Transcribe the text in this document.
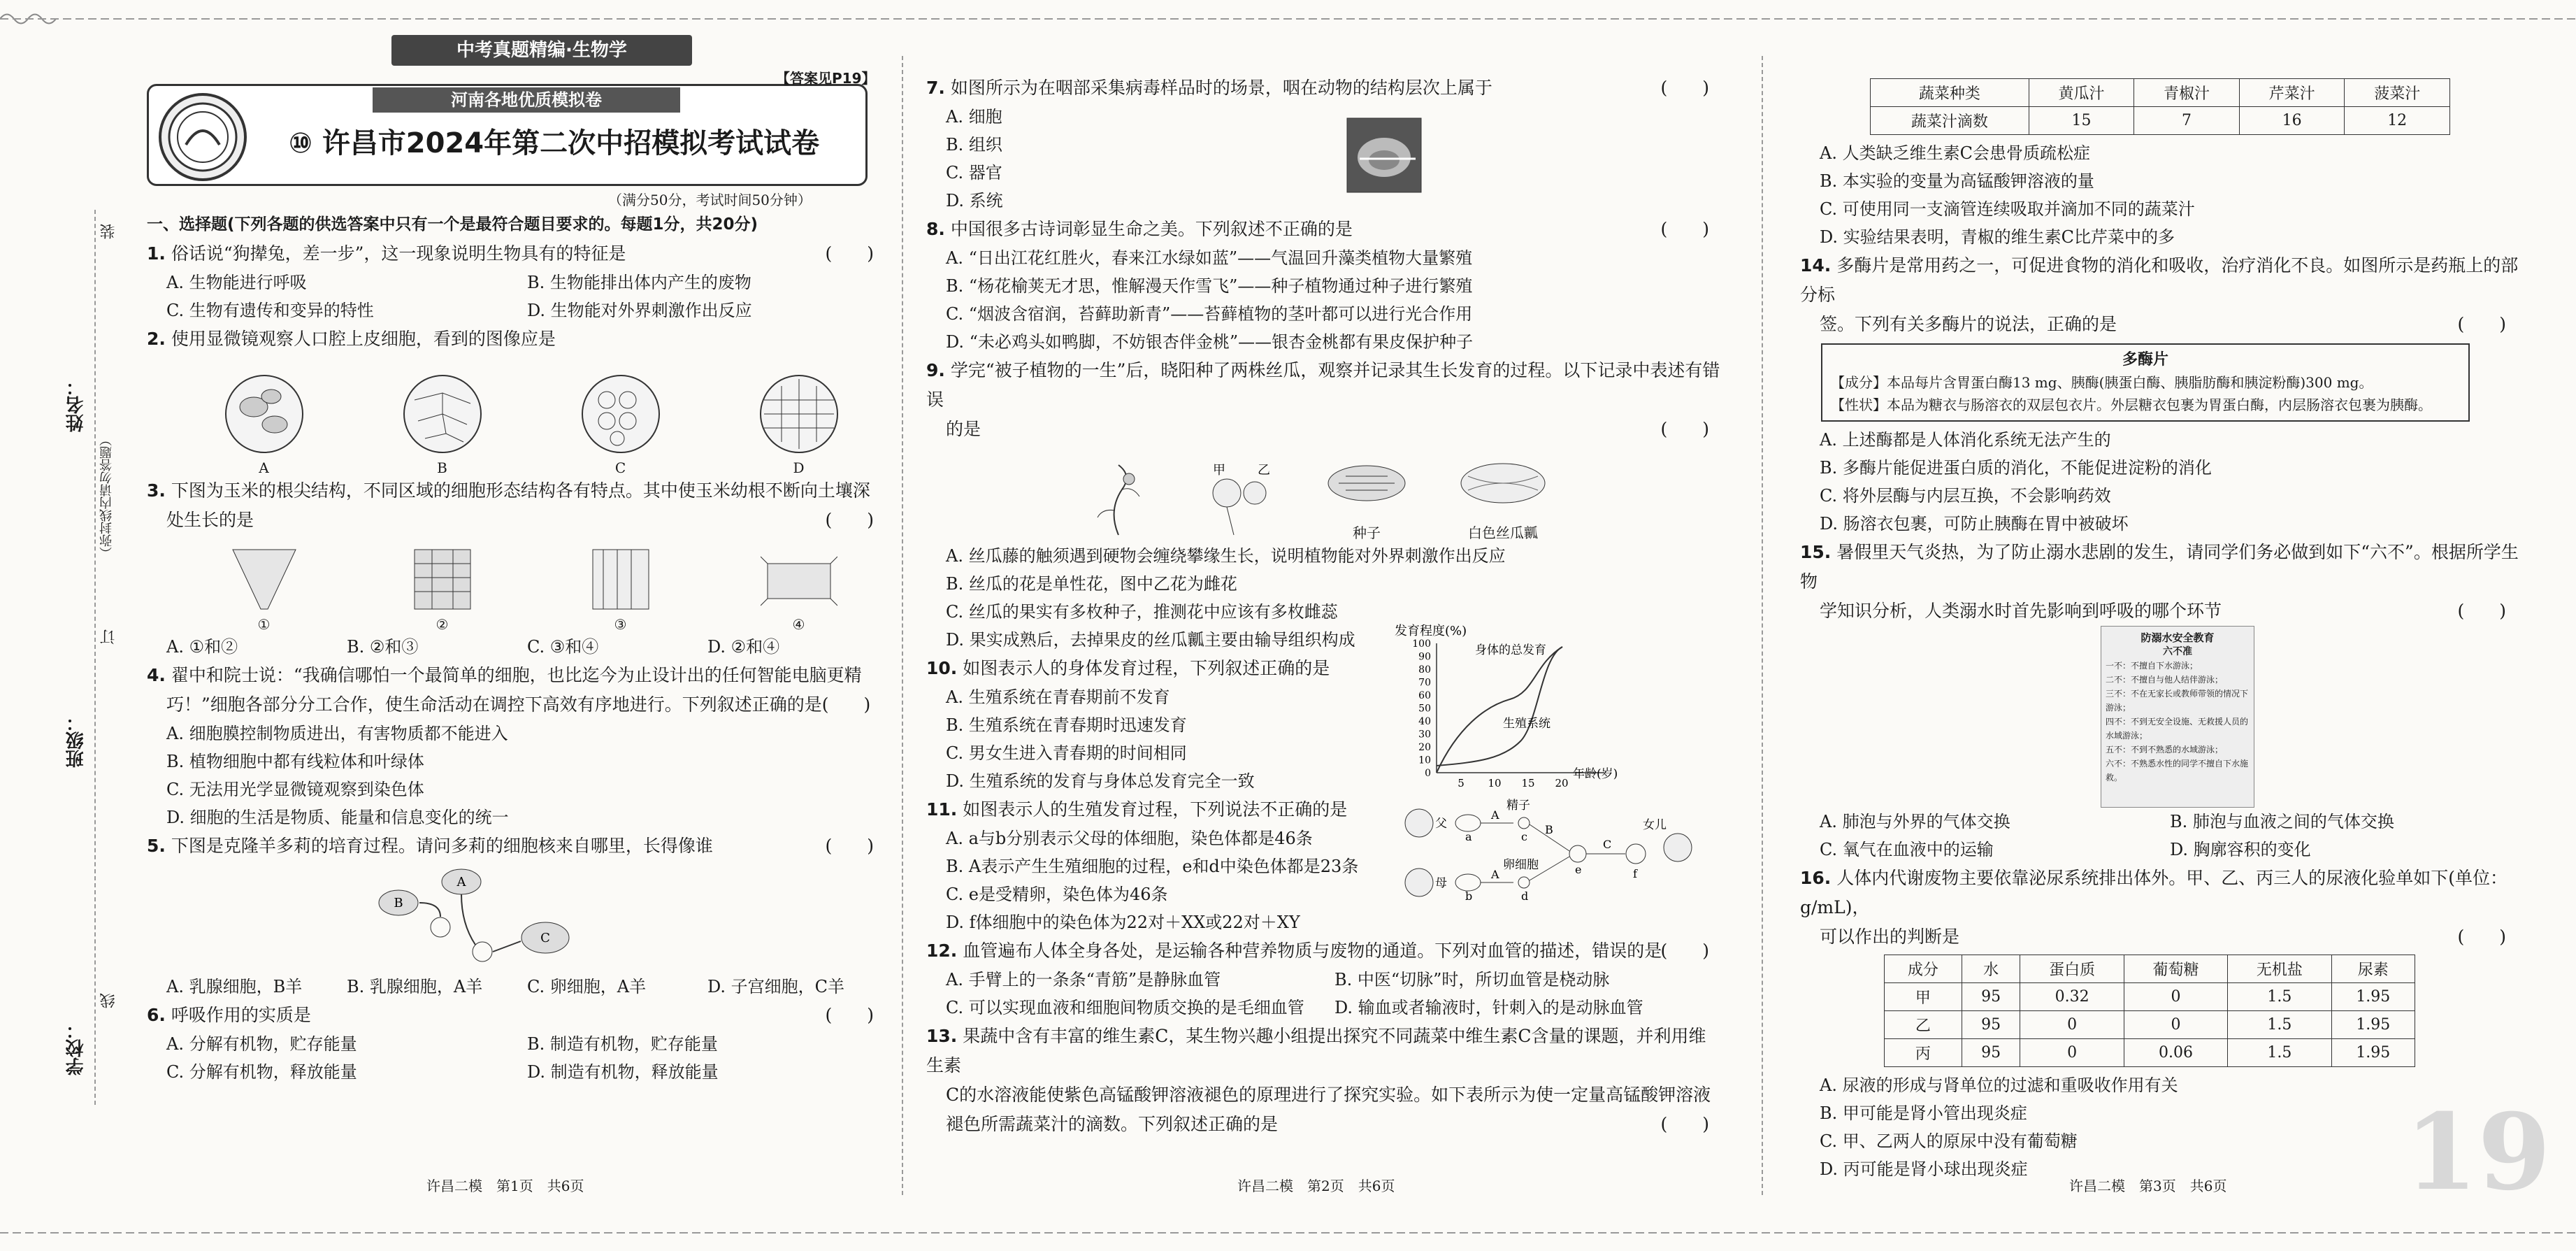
中考真题精编·生物学
河南各地优质模拟卷
⑩ 许昌市2024年第二次中招模拟考试试卷
【答案见P19】
（满分50分，考试时间50分钟）
姓名：
班级：
学校：
（弥封线内请勿答题）
装
订
线
一、选择题(下列各题的供选答案中只有一个是最符合题目要求的。每题1分，共20分)
1. 俗话说“狗撵兔，差一步”，这一现象说明生物具有的特征是	(　　)
A. 生物能进行呼吸	B. 生物能排出体内产生的废物
C. 生物有遗传和变异的特性	D. 生物能对外界刺激作出反应
2. 使用显微镜观察人口腔上皮细胞，看到的图像应是
A	B	C	D
3. 下图为玉米的根尖结构，不同区域的细胞形态结构各有特点。其中使玉米幼根不断向土壤深
处生长的是	(　　)
①	②	③	④
A. ①和②	B. ②和③	C. ③和④	D. ②和④
4. 翟中和院士说：“我确信哪怕一个最简单的细胞，也比迄今为止设计出的任何智能电脑更精
巧！”细胞各部分分工合作，使生命活动在调控下高效有序地进行。下列叙述正确的是(　　)
A. 细胞膜控制物质进出，有害物质都不能进入
B. 植物细胞中都有线粒体和叶绿体
C. 无法用光学显微镜观察到染色体
D. 细胞的生活是物质、能量和信息变化的统一
5. 下图是克隆羊多莉的培育过程。请问多莉的细胞核来自哪里，长得像谁	(　　)
A
B
C
A. 乳腺细胞，B羊	B. 乳腺细胞，A羊	C. 卵细胞，A羊	D. 子宫细胞，C羊
6. 呼吸作用的实质是	(　　)
A. 分解有机物，贮存能量	B. 制造有机物，贮存能量
C. 分解有机物，释放能量	D. 制造有机物，释放能量
7. 如图所示为在咽部采集病毒样品时的场景，咽在动物的结构层次上属于	(　　)
A. 细胞
B. 组织
C. 器官
D. 系统
8. 中国很多古诗词彰显生命之美。下列叙述不正确的是	(　　)
A. “日出江花红胜火，春来江水绿如蓝”——气温回升藻类植物大量繁殖
B. “杨花榆荚无才思，惟解漫天作雪飞”——种子植物通过种子进行繁殖
C. “烟波含宿润，苔藓助新青”——苔藓植物的茎叶都可以进行光合作用
D. “未必鸡头如鸭脚，不妨银杏伴金桃”——银杏金桃都有果皮保护种子
9. 学完“被子植物的一生”后，晓阳种了两株丝瓜，观察并记录其生长发育的过程。以下记录中表述有错误
的是	(　　)
甲	乙
种子	白色丝瓜瓤
A. 丝瓜藤的触须遇到硬物会缠绕攀缘生长，说明植物能对外界刺激作出反应
B. 丝瓜的花是单性花，图中乙花为雌花
C. 丝瓜的果实有多枚种子，推测花中应该有多枚雌蕊
D. 果实成熟后，去掉果皮的丝瓜瓤主要由输导组织构成
10. 如图表示人的身体发育过程，下列叙述正确的是
A. 生殖系统在青春期前不发育
B. 生殖系统在青春期时迅速发育
C. 男女生进入青春期的时间相同
D. 生殖系统的发育与身体总发育完全一致
发育程度(%)
100
90
80
70
60
50
40
30
20
10
0
5 10 15 20
身体的总发育
生殖系统
年龄(岁)
11. 如图表示人的生殖发育过程，下列说法不正确的是
A. a与b分别表示父母的体细胞，染色体都是46条
B. A表示产生生殖细胞的过程，e和d中染色体都是23条
C. e是受精卵，染色体为46条
D. f体细胞中的染色体为22对＋XX或22对＋XY
父
母
a
b
A
A
精子
卵细胞
c
d
B
e
C
f
女儿
12. 血管遍布人体全身各处，是运输各种营养物质与废物的通道。下列对血管的描述，错误的是
(　　)
A. 手臂上的一条条“青筋”是静脉血管	B. 中医“切脉”时，所切血管是桡动脉
C. 可以实现血液和细胞间物质交换的是毛细血管	D. 输血或者输液时，针刺入的是动脉血管
13. 果蔬中含有丰富的维生素C，某生物兴趣小组提出探究不同蔬菜中维生素C含量的课题，并利用维生素
C的水溶液能使紫色高锰酸钾溶液褪色的原理进行了探究实验。如下表所示为使一定量高锰酸钾溶液
褪色所需蔬菜汁的滴数。下列叙述正确的是	(　　)
蔬菜种类	黄瓜汁	青椒汁	芹菜汁	菠菜汁
蔬菜汁滴数	15	7	16	12
A. 人类缺乏维生素C会患骨质疏松症
B. 本实验的变量为高锰酸钾溶液的量
C. 可使用同一支滴管连续吸取并滴加不同的蔬菜汁
D. 实验结果表明，青椒的维生素C比芹菜中的多
14. 多酶片是常用药之一，可促进食物的消化和吸收，治疗消化不良。如图所示是药瓶上的部分标
签。下列有关多酶片的说法，正确的是	(　　)
多酶片
【成分】本品每片含胃蛋白酶13 mg、胰酶(胰蛋白酶、胰脂肪酶和胰淀粉酶)300 mg。
【性状】本品为糖衣与肠溶衣的双层包衣片。外层糖衣包裹为胃蛋白酶，内层肠溶衣包裹为胰酶。
A. 上述酶都是人体消化系统无法产生的
B. 多酶片能促进蛋白质的消化，不能促进淀粉的消化
C. 将外层酶与内层互换，不会影响药效
D. 肠溶衣包裹，可防止胰酶在胃中被破坏
15. 暑假里天气炎热，为了防止溺水悲剧的发生，请同学们务必做到如下“六不”。根据所学生物
学知识分析，人类溺水时首先影响到呼吸的哪个环节	(　　)
防溺水安全教育
六不准
一不：不擅自下水游泳；
二不：不擅自与他人结伴游泳；
三不：不在无家长或教师带领的情况下游泳；
四不：不到无安全设施、无救援人员的水域游泳；
五不：不到不熟悉的水域游泳；
六不：不熟悉水性的同学不擅自下水施救。
A. 肺泡与外界的气体交换	B. 肺泡与血液之间的气体交换
C. 氧气在血液中的运输	D. 胸廓容积的变化
16. 人体内代谢废物主要依靠泌尿系统排出体外。甲、乙、丙三人的尿液化验单如下(单位：g/mL)，
可以作出的判断是	(　　)
成分	水	蛋白质	葡萄糖	无机盐	尿素
甲	95	0.32	0	1.5	1.95
乙	95	0	0	1.5	1.95
丙	95	0	0.06	1.5	1.95
A. 尿液的形成与肾单位的过滤和重吸收作用有关
B. 甲可能是肾小管出现炎症
C. 甲、乙两人的原尿中没有葡萄糖
D. 丙可能是肾小球出现炎症	19
许昌二模　第1页　共6页	许昌二模　第2页　共6页	许昌二模　第3页　共6页
